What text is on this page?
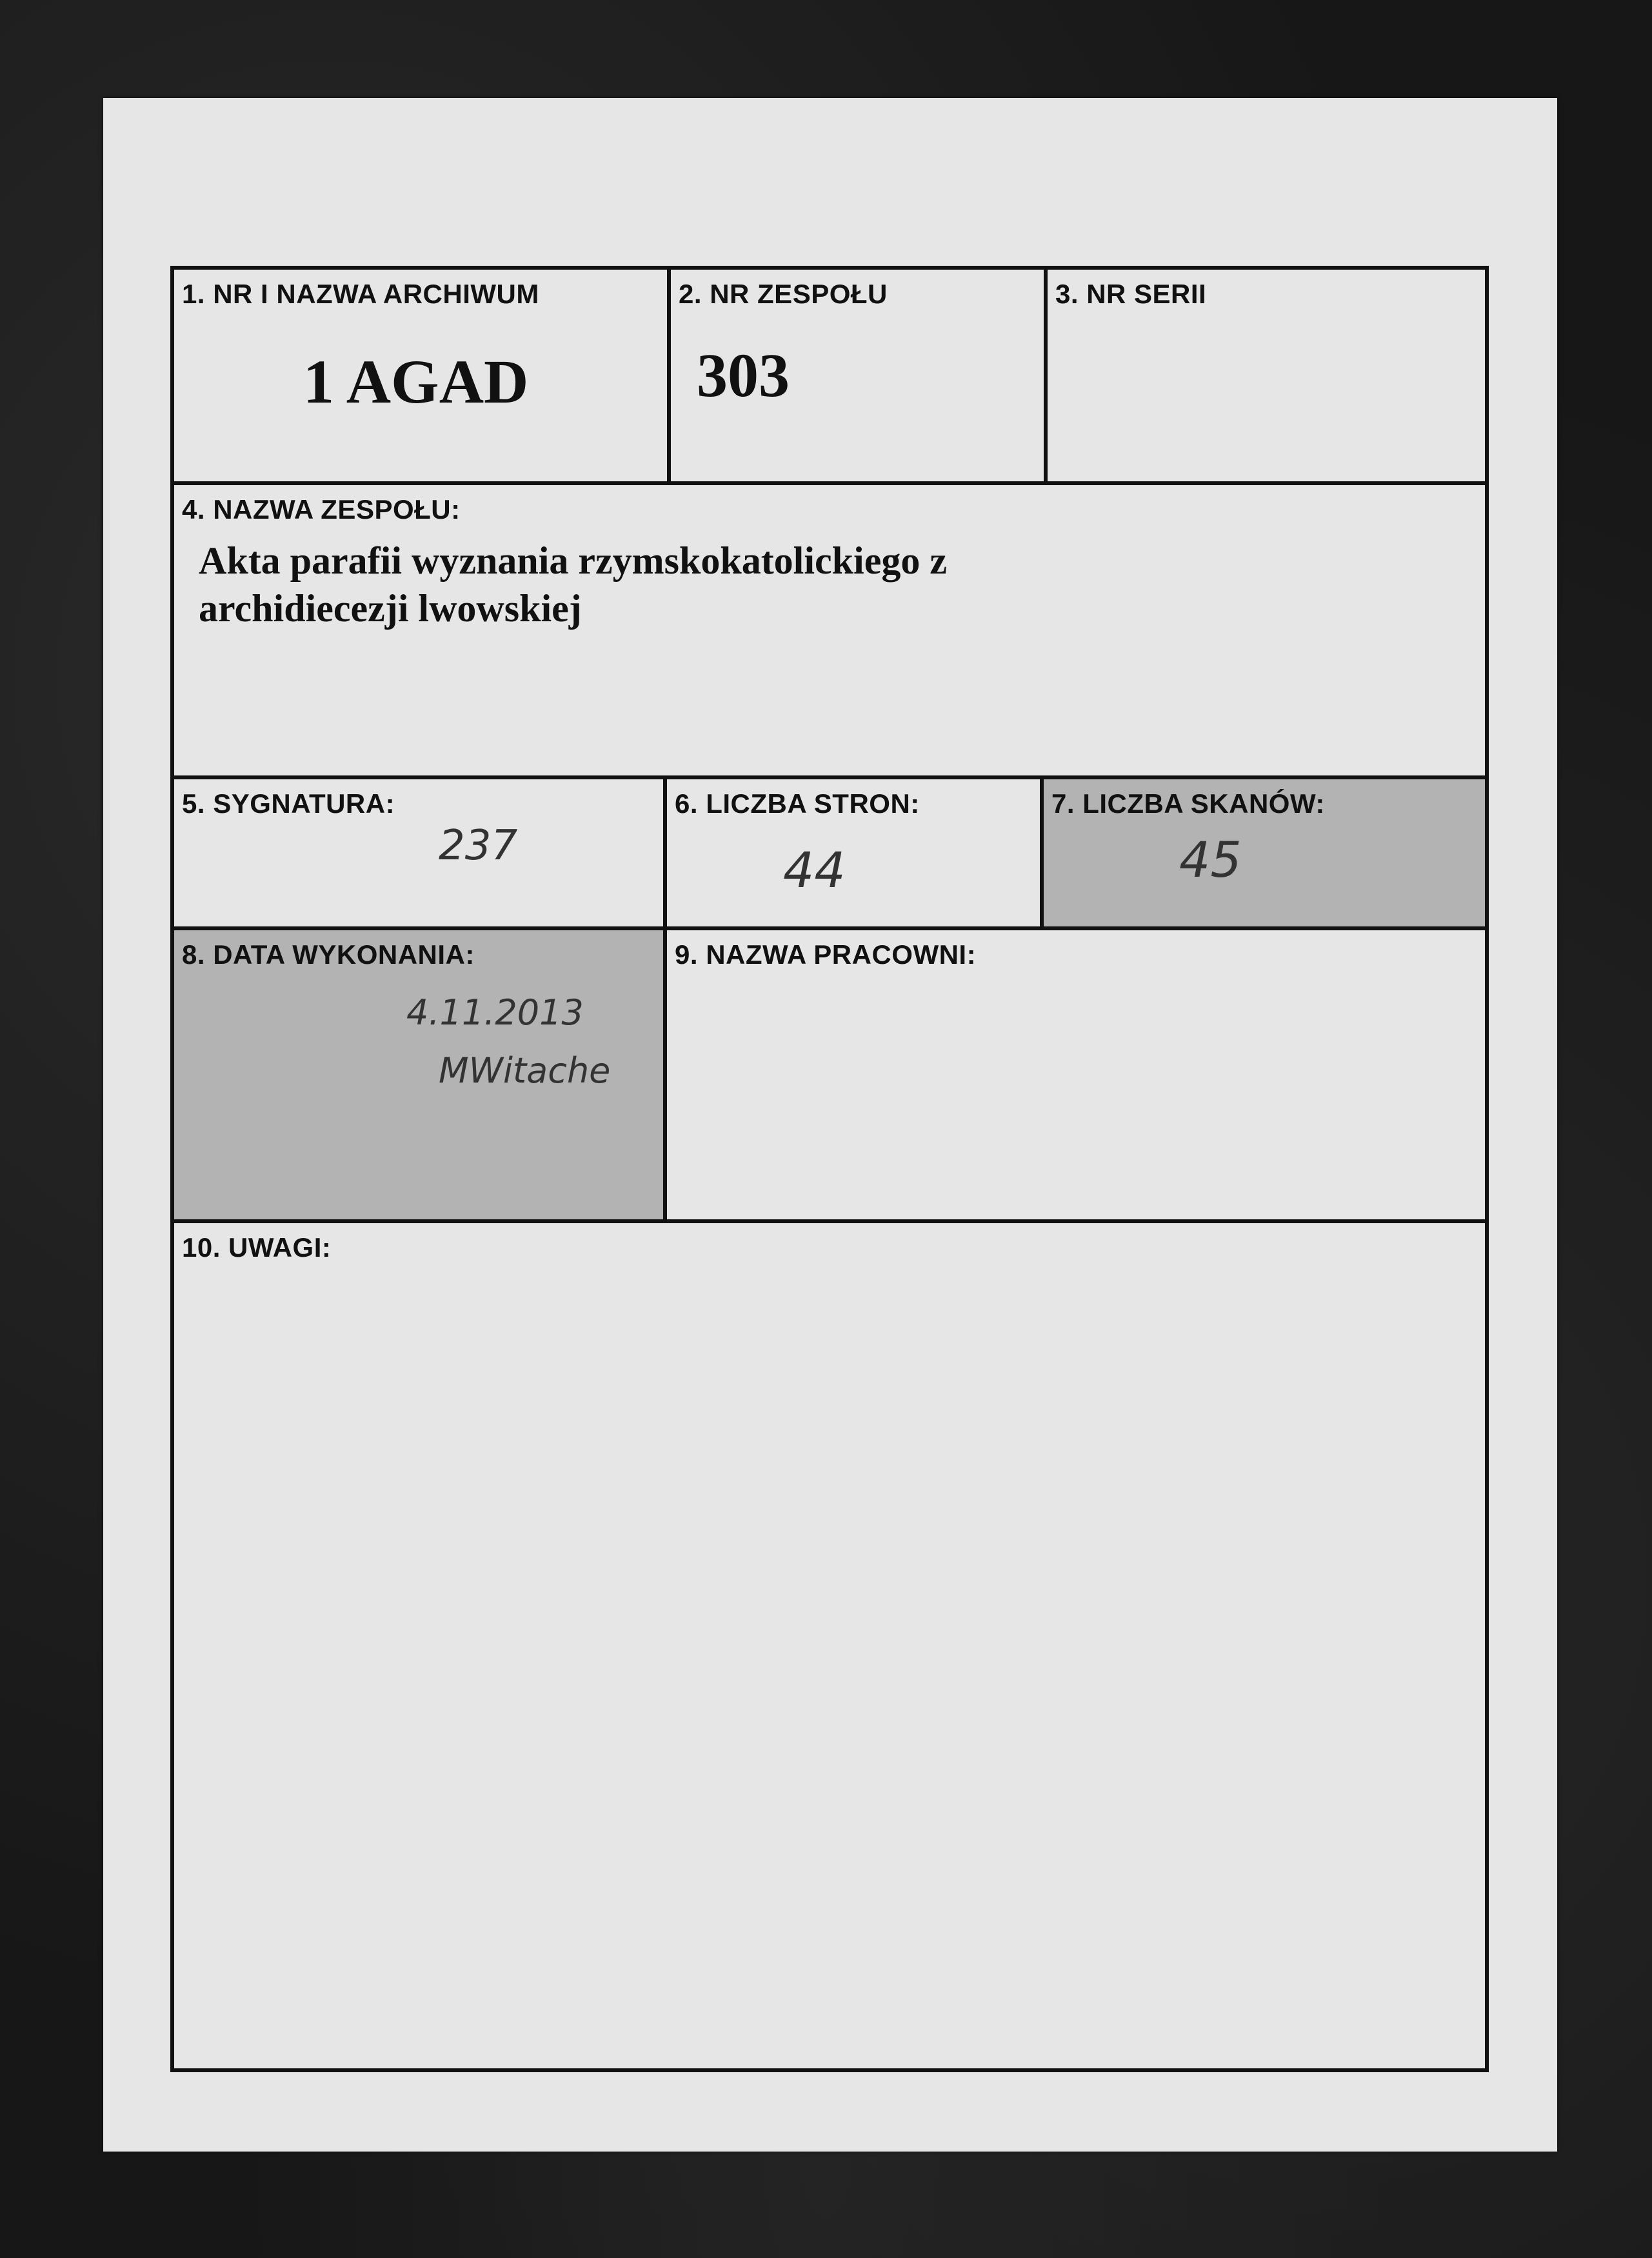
1. NR I NAZWA ARCHIWUM
1 AGAD
2. NR ZESPOŁU
303
3. NR SERII
4. NAZWA ZESPOŁU:
Akta parafii wyznania rzymskokatolickiego z
archidiecezji lwowskiej
5. SYGNATURA:
237
6. LICZBA STRON:
44
7. LICZBA SKANÓW:
45
8. DATA WYKONANIA:
4.11.2013
MWitache
9. NAZWA PRACOWNI:
10. UWAGI:
